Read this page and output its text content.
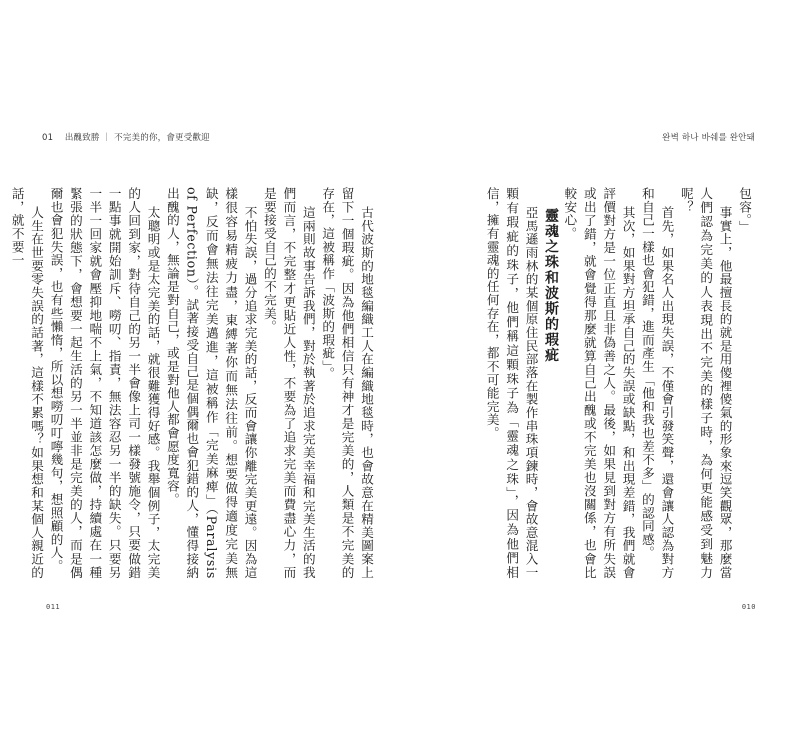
01 出醜致勝 ｜ 不完美的你，會更受歡迎

古代波斯的地毯編織工人在編織地毯時，也會故意在精美圖案上留下一個瑕疵。因為他們相信只有神才是完美的，人類是不完美的存在，這被稱作「波斯的瑕疵」。

這兩則故事告訴我們，對於執著於追求完美幸福和完美生活的我們而言，不完整才更貼近人性，不要為了追求完美而費盡心力，而是要接受自己的不完美。

不怕失誤，過分追求完美的話，反而會讓你離完美更遠。因為這樣很容易精疲力盡，東縛著你而無法往前。想要做得適度完美無缺，反而會無法往完美邁進，這被稱作「完美麻痺」（Paralysis of Perfection）。試著接受自己是個偶爾也會犯錯的人，懂得接納出醜的人，無論是對自己，或是對他人都會愿度寬容。

太聰明或是太完美的話，就很難獲得好感。我舉個例子，太完美的人回到家，對待自己的另一半會像上司一樣發號施令，只要做錯一點事就開始訓斥、嘮叨、指責，無法容忍另一半的缺失。只要另一半一回家就會壓抑地喘不上氣，不知道該怎麼做，持續處在一種緊張的狀態下，會想要一起生活的另一半並非是完美的人，而是偶爾也會犯失誤，也有些懶惰，所以想嘮叨叮嚀幾句，想照顧的人。

人生在世要零失誤的話著，這樣不累嗎？如果想和某個人親近的話，就不要一

011
완벽 하나 바쉐를 완안돼

包容。」

事實上，他最擅長的就是用傻裡傻氣的形象來逗笑觀眾，那麼當人們認為完美的人表現出不完美的樣子時，為何更能感受到魅力呢？

首先，如果名人出現失誤，不僅會引發笑聲，還會讓人認為對方和自己一樣也會犯錯，進而產生「他和我也差不多」的認同感。

其次，如果對方坦承自己的失誤或缺點，和出現差錯，我們就會評價對方是一位正直且非偽善之人。最後，如果見到對方有所失誤或出了錯，就會覺得那麼就算自己出醜或不完美也沒關係，也會比較安心。

靈魂之珠和波斯的瑕疵

亞馬遜雨林的某個原住民部落在製作串珠項鍊時，會故意混入一顆有瑕疵的珠子，他們稱這顆珠子為「靈魂之珠」，因為他們相信，擁有靈魂的任何存在，都不可能完美。

010
